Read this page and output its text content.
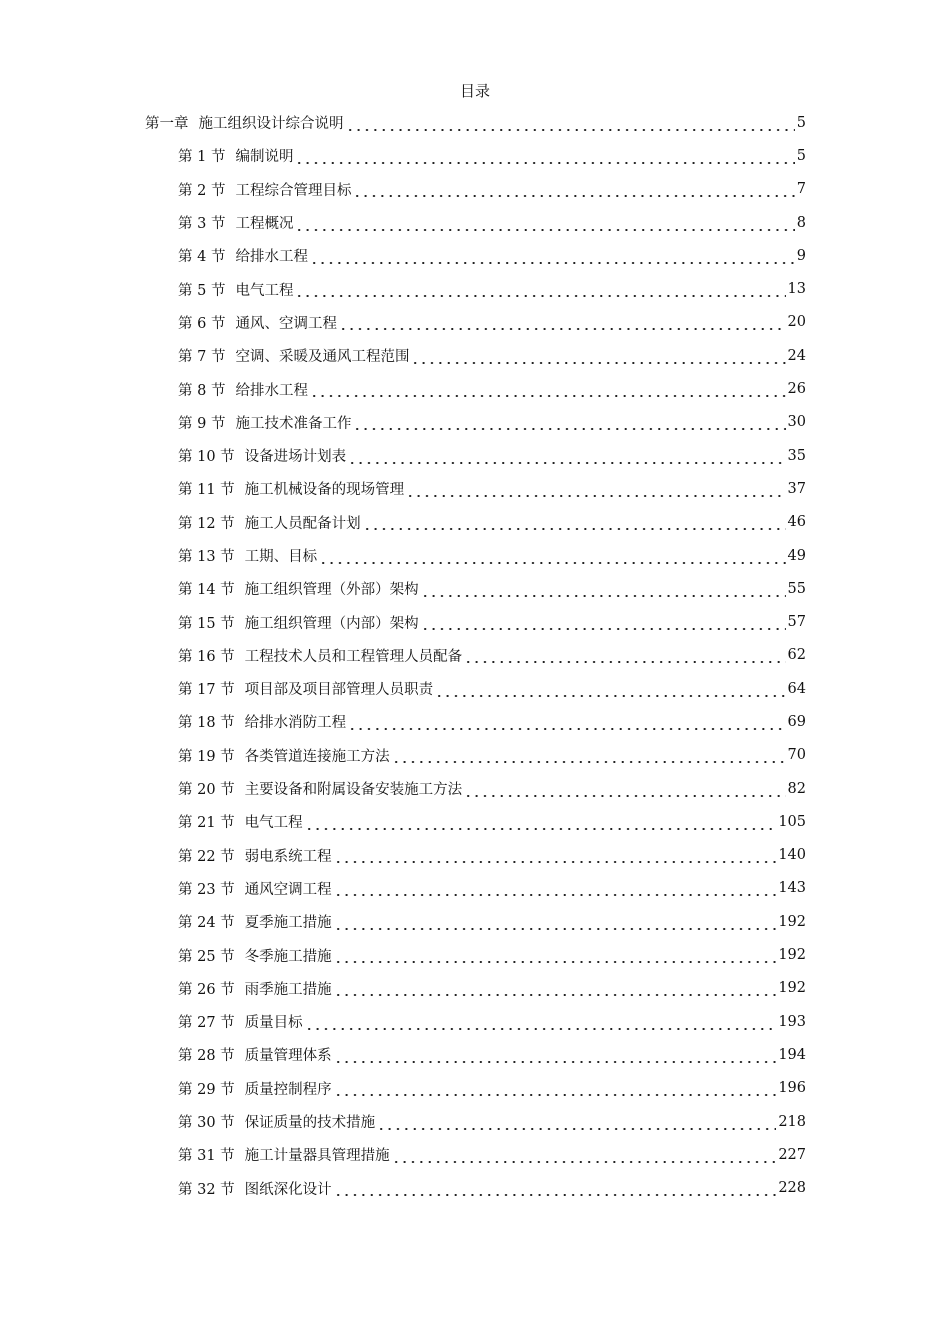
目录
第一章 施工组织设计综合说明	5
第 1 节 编制说明	5
第 2 节 工程综合管理目标	7
第 3 节 工程概况	8
第 4 节 给排水工程	9
第 5 节 电气工程	13
第 6 节 通风、空调工程	20
第 7 节 空调、采暖及通风工程范围	24
第 8 节 给排水工程	26
第 9 节 施工技术准备工作	30
第 10 节 设备进场计划表	35
第 11 节 施工机械设备的现场管理	37
第 12 节 施工人员配备计划	46
第 13 节 工期、目标	49
第 14 节 施工组织管理（外部）架构	55
第 15 节 施工组织管理（内部）架构	57
第 16 节 工程技术人员和工程管理人员配备	62
第 17 节 项目部及项目部管理人员职责	64
第 18 节 给排水消防工程	69
第 19 节 各类管道连接施工方法	70
第 20 节 主要设备和附属设备安装施工方法	82
第 21 节 电气工程	105
第 22 节 弱电系统工程	140
第 23 节 通风空调工程	143
第 24 节 夏季施工措施	192
第 25 节 冬季施工措施	192
第 26 节 雨季施工措施	192
第 27 节 质量目标	193
第 28 节 质量管理体系	194
第 29 节 质量控制程序	196
第 30 节 保证质量的技术措施	218
第 31 节 施工计量器具管理措施	227
第 32 节 图纸深化设计	228
